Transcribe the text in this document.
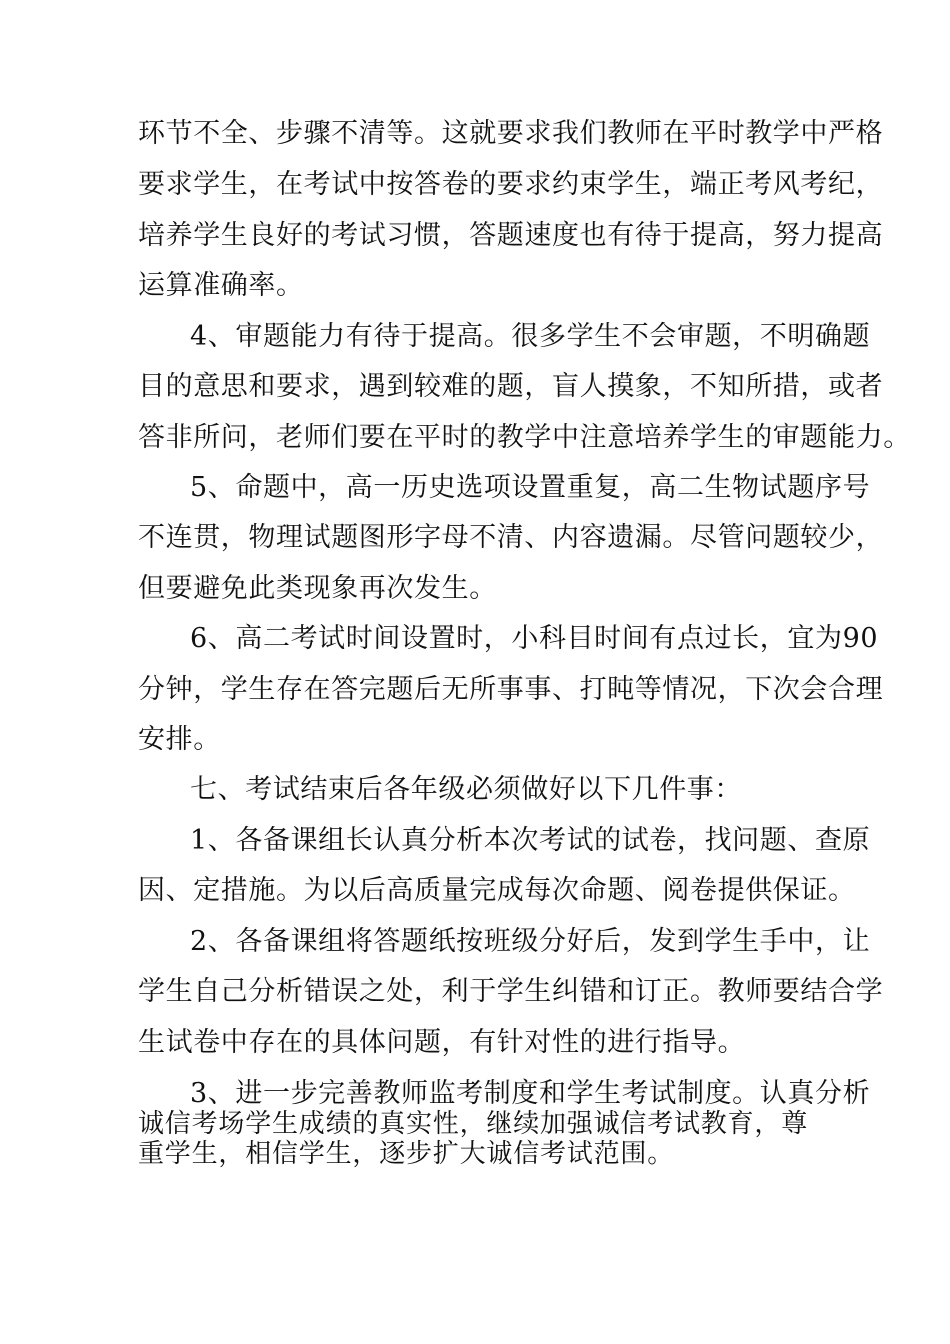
环节不全、步骤不清等。这就要求我们教师在平时教学中严格
要求学生，在考试中按答卷的要求约束学生，端正考风考纪，
培养学生良好的考试习惯，答题速度也有待于提高，努力提高
运算准确率。
4、审题能力有待于提高。很多学生不会审题，不明确题
目的意思和要求，遇到较难的题，盲人摸象，不知所措，或者
答非所问，老师们要在平时的教学中注意培养学生的审题能力。
5、命题中，高一历史选项设置重复，高二生物试题序号
不连贯，物理试题图形字母不清、内容遗漏。尽管问题较少，
但要避免此类现象再次发生。
6、高二考试时间设置时，小科目时间有点过长，宜为90
分钟，学生存在答完题后无所事事、打盹等情况，下次会合理
安排。
七、考试结束后各年级必须做好以下几件事：
1、各备课组长认真分析本次考试的试卷，找问题、查原
因、定措施。为以后高质量完成每次命题、阅卷提供保证。
2、各备课组将答题纸按班级分好后，发到学生手中，让
学生自己分析错误之处，利于学生纠错和订正。教师要结合学
生试卷中存在的具体问题，有针对性的进行指导。
3、进一步完善教师监考制度和学生考试制度。认真分析
诚信考场学生成绩的真实性，继续加强诚信考试教育，尊
重学生，相信学生，逐步扩大诚信考试范围。
